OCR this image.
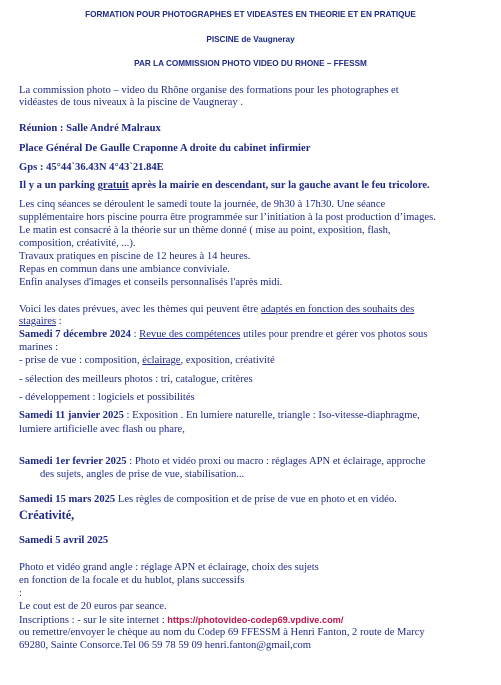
FORMATION POUR PHOTOGRAPHES ET VIDEASTES EN THEORIE ET EN PRATIQUE
PISCINE de Vaugneray
PAR LA COMMISSION PHOTO VIDEO DU RHONE – FFESSM
La commission photo – video du Rhône organise des formations pour les photographes et
vidéastes de tous niveaux à la piscine de Vaugneray .
Réunion : Salle André Malraux
Place Général De Gaulle Craponne A droite du cabinet infirmier
Gps : 45°44`36.43N 4°43`21.84E
Il y a un parking gratuit après la mairie en descendant, sur la gauche avant le feu tricolore.
Les cinq séances se déroulent le samedi toute la journée, de 9h30 à 17h30. Une séance
supplémentaire hors piscine pourra être programmée sur l’initiation à la post production d’images.
Le matin est consacré à la théorie sur un thème donné ( mise au point, exposition, flash,
composition, créativité, ...).
Travaux pratiques en piscine de 12 heures à 14 heures.
Repas en commun dans une ambiance conviviale.
Enfin analyses d'images et conseils personnalisés l'après midi.
Voici les dates prévues, avec les thèmes qui peuvent être adaptés en fonction des souhaits des
stagaires :
Samedi 7 décembre 2024 : Revue des compétences utiles pour prendre et gérer vos photos sous
marines :
- prise de vue : composition, éclairage, exposition, créativité
- sélection des meilleurs photos : tri, catalogue, critères
- développement : logiciels et possibilités
Samedi 11 janvier 2025 : Exposition . En lumiere naturelle, triangle : Iso-vitesse-diaphragme,
lumiere artificielle avec flash ou phare,
Samedi 1er fevrier 2025 : Photo et vidéo proxi ou macro : réglages APN et éclairage, approche
des sujets, angles de prise de vue, stabilisation...
Samedi 15 mars 2025 Les règles de composition et de prise de vue en photo et en vidéo.
Créativité,
Samedi 5 avril 2025
Photo et vidéo grand angle : réglage APN et éclairage, choix des sujets
en fonction de la focale et du hublot, plans successifs
:
Le cout est de 20 euros par seance.
Inscriptions : - sur le site internet : https://photovideo-codep69.vpdive.com/
ou remettre/envoyer le chèque au nom du Codep 69 FFESSM à Henri Fanton, 2 route de Marcy
69280, Sainte Consorce.Tel 06 59 78 59 09 henri.fanton@gmail,com
